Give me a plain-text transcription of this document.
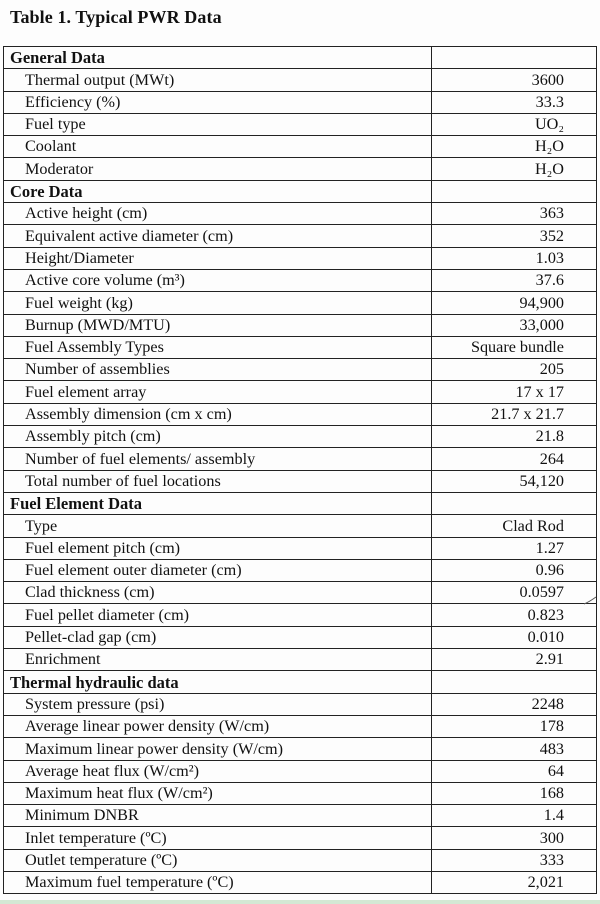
Table 1. Typical PWR Data
General Data	
Thermal output (MWt)	3600
Efficiency (%)	33.3
Fuel type	UO₂
Coolant	H₂O
Moderator	H₂O
Core Data	
Active height (cm)	363
Equivalent active diameter (cm)	352
Height/Diameter	1.03
Active core volume (m³)	37.6
Fuel weight (kg)	94,900
Burnup (MWD/MTU)	33,000
Fuel Assembly Types	Square bundle
Number of assemblies	205
Fuel element array	17 x 17
Assembly dimension (cm x cm)	21.7 x 21.7
Assembly pitch (cm)	21.8
Number of fuel elements/ assembly	264
Total number of fuel locations	54,120
Fuel Element Data	
Type	Clad Rod
Fuel element pitch (cm)	1.27
Fuel element outer diameter (cm)	0.96
Clad thickness (cm)	0.0597
Fuel pellet diameter (cm)	0.823
Pellet-clad gap (cm)	0.010
Enrichment	2.91
Thermal hydraulic data	
System pressure (psi)	2248
Average linear power density (W/cm)	178
Maximum linear power density (W/cm)	483
Average heat flux (W/cm²)	64
Maximum heat flux (W/cm²)	168
Minimum DNBR	1.4
Inlet temperature (ºC)	300
Outlet temperature (ºC)	333
Maximum fuel temperature (ºC)	2,021
